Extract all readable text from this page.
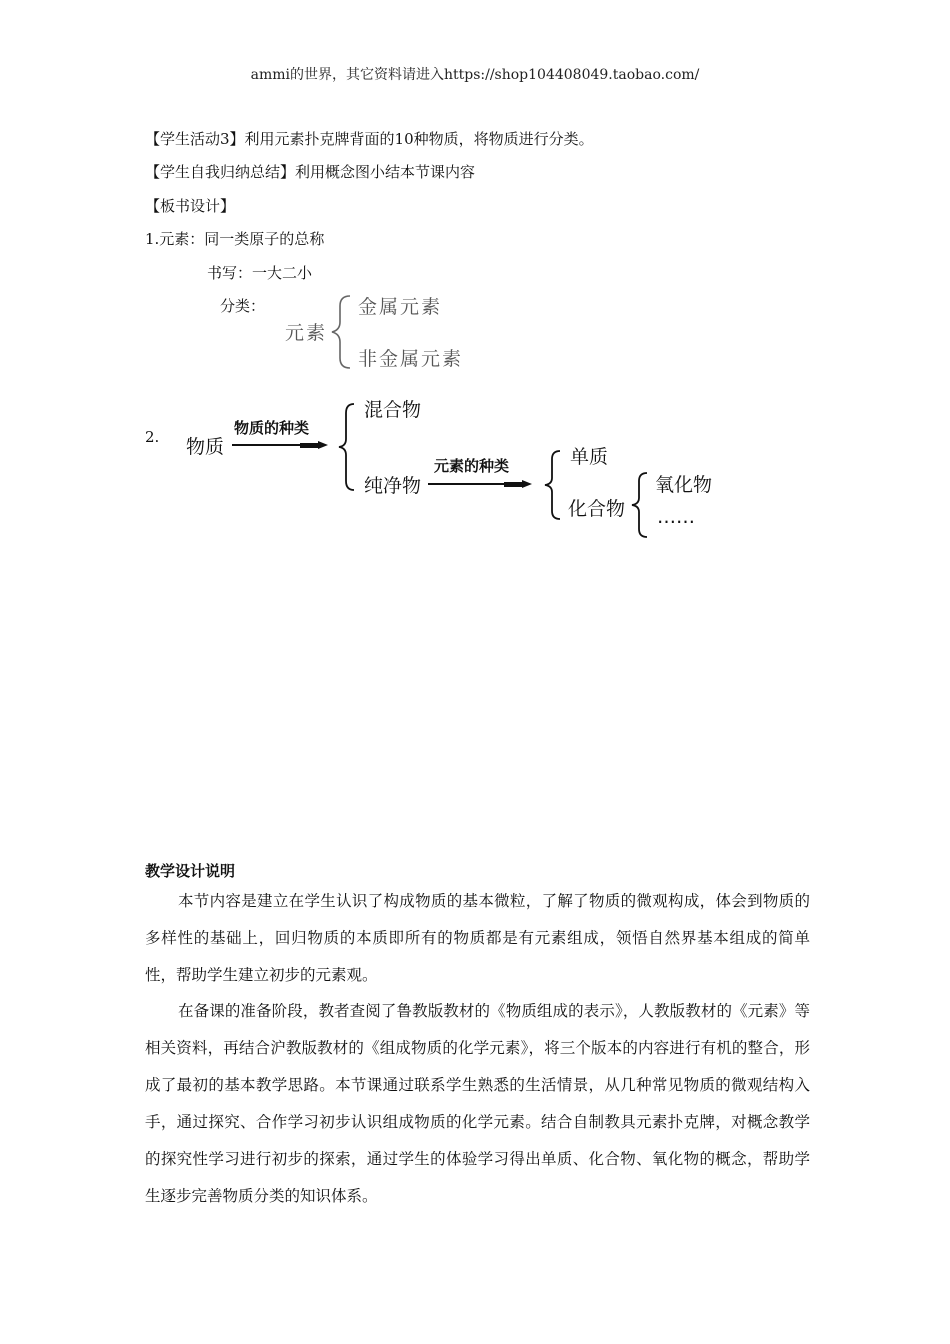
ammi的世界，其它资料请进入https://shop104408049.taobao.com/
【学生活动3】利用元素扑克牌背面的10种物质，将物质进行分类。
【学生自我归纳总结】利用概念图小结本节课内容
【板书设计】
1.元素：同一类原子的总称
书写：一大二小
分类：
元素
金属元素
非金属元素
2. 物质
物质的种类
混合物
纯净物
元素的种类	单质
化合物
氧化物
……
教学设计说明
本节内容是建立在学生认识了构成物质的基本微粒，了解了物质的微观构成，体会到物质的多样性的基础上，回归物质的本质即所有的物质都是有元素组成，领悟自然界基本组成的简单性，帮助学生建立初步的元素观。
在备课的准备阶段，教者查阅了鲁教版教材的《物质组成的表示》，人教版教材的《元素》等相关资料，再结合沪教版教材的《组成物质的化学元素》，将三个版本的内容进行有机的整合，形成了最初的基本教学思路。本节课通过联系学生熟悉的生活情景，从几种常见物质的微观结构入手，通过探究、合作学习初步认识组成物质的化学元素。结合自制教具元素扑克牌，对概念教学的探究性学习进行初步的探索，通过学生的体验学习得出单质、化合物、氧化物的概念，帮助学生逐步完善物质分类的知识体系。
